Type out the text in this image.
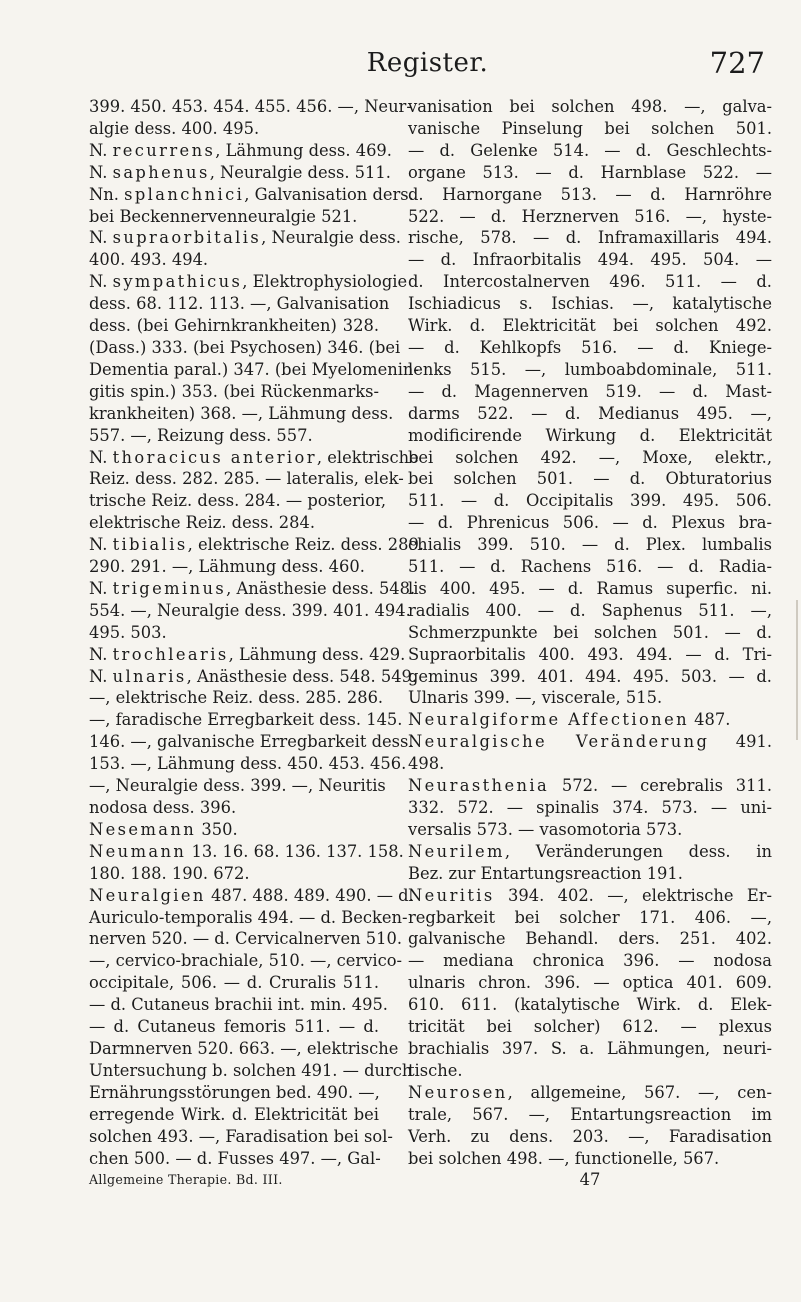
Register.	727
399. 450. 453. 454. 455. 456. —, Neur-
algie dess. 400. 495.
N. recurrens, Lähmung dess. 469.
N. saphenus, Neuralgie dess. 511.
Nn. splanchnici, Galvanisation ders.
bei Beckennervenneuralgie 521.
N. supraorbitalis, Neuralgie dess.
400. 493. 494.
N. sympathicus, Elektrophysiologie
dess. 68. 112. 113. —, Galvanisation
dess. (bei Gehirnkrankheiten) 328.
(Dass.) 333. (bei Psychosen) 346. (bei
Dementia paral.) 347. (bei Myelomenin-
gitis spin.) 353. (bei Rückenmarks-
krankheiten) 368. —, Lähmung dess.
557. —, Reizung dess. 557.
N. thoracicus anterior, elektrische
Reiz. dess. 282. 285. — lateralis, elek-
trische Reiz. dess. 284. — posterior,
elektrische Reiz. dess. 284.
N. tibialis, elektrische Reiz. dess. 289.
290. 291. —, Lähmung dess. 460.
N. trigeminus, Anästhesie dess. 548.
554. —, Neuralgie dess. 399. 401. 494.
495. 503.
N. trochlearis, Lähmung dess. 429.
N. ulnaris, Anästhesie dess. 548. 549.
—, elektrische Reiz. dess. 285. 286.
—, faradische Erregbarkeit dess. 145.
146. —, galvanische Erregbarkeit dess.
153. —, Lähmung dess. 450. 453. 456.
—, Neuralgie dess. 399. —, Neuritis
nodosa dess. 396.
Nesemann 350.
Neumann 13. 16. 68. 136. 137. 158.
180. 188. 190. 672.
Neuralgien 487. 488. 489. 490. — d.
Auriculo-temporalis 494. — d. Becken-
nerven 520. — d. Cervicalnerven 510.
—, cervico-brachiale, 510. —, cervico-
occipitale, 506. — d. Cruralis 511.
— d. Cutaneus brachii int. min. 495.
— d. Cutaneus femoris 511. — d.
Darmnerven 520. 663. —, elektrische
Untersuchung b. solchen 491. — durch
Ernährungsstörungen bed. 490. —,
erregende Wirk. d. Elektricität bei
solchen 493. —, Faradisation bei sol-
chen 500. — d. Fusses 497. —, Gal-
Allgemeine Therapie. Bd. III.
vanisation bei solchen 498. —, galva-
vanische Pinselung bei solchen 501.
— d. Gelenke 514. — d. Geschlechts-
organe 513. — d. Harnblase 522. —
d. Harnorgane 513. — d. Harnröhre
522. — d. Herznerven 516. —, hyste-
rische, 578. — d. Inframaxillaris 494.
— d. Infraorbitalis 494. 495. 504. —
d. Intercostalnerven 496. 511. — d.
Ischiadicus s. Ischias. —, katalytische
Wirk. d. Elektricität bei solchen 492.
— d. Kehlkopfs 516. — d. Kniege-
lenks 515. —, lumboabdominale, 511.
— d. Magennerven 519. — d. Mast-
darms 522. — d. Medianus 495. —,
modificirende Wirkung d. Elektricität
bei solchen 492. —, Moxe, elektr.,
bei solchen 501. — d. Obturatorius
511. — d. Occipitalis 399. 495. 506.
— d. Phrenicus 506. — d. Plexus bra-
chialis 399. 510. — d. Plex. lumbalis
511. — d. Rachens 516. — d. Radia-
lis 400. 495. — d. Ramus superfic. ni.
radialis 400. — d. Saphenus 511. —,
Schmerzpunkte bei solchen 501. — d.
Supraorbitalis 400. 493. 494. — d. Tri-
geminus 399. 401. 494. 495. 503. — d.
Ulnaris 399. —, viscerale, 515.
Neuralgiforme Affectionen 487.
Neuralgische Veränderung 491.
498.
Neurasthenia 572. — cerebralis 311.
332. 572. — spinalis 374. 573. — uni-
versalis 573. — vasomotoria 573.
Neurilem, Veränderungen dess. in
Bez. zur Entartungsreaction 191.
Neuritis 394. 402. —, elektrische Er-
regbarkeit bei solcher 171. 406. —,
galvanische Behandl. ders. 251. 402.
— mediana chronica 396. — nodosa
ulnaris chron. 396. — optica 401. 609.
610. 611. (katalytische Wirk. d. Elek-
tricität bei solcher) 612. — plexus
brachialis 397. S. a. Lähmungen, neuri-
tische.
Neurosen, allgemeine, 567. —, cen-
trale, 567. —, Entartungsreaction im
Verh. zu dens. 203. —, Faradisation
bei solchen 498. —, functionelle, 567.
47
